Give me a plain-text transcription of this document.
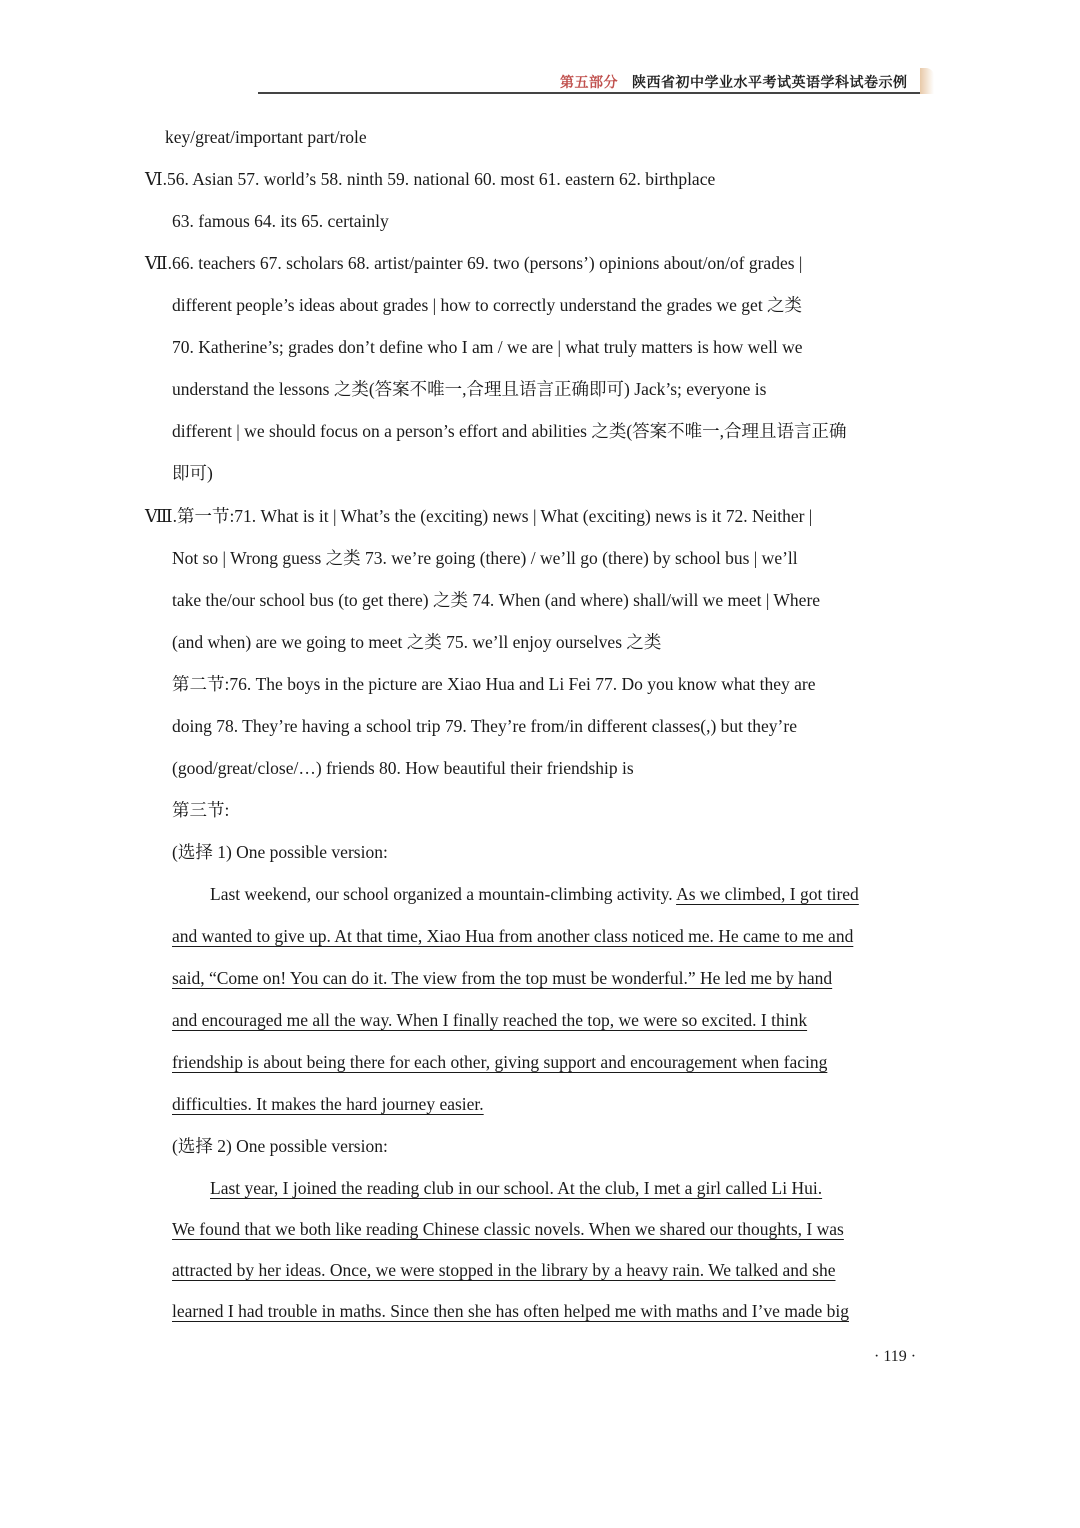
第五部分 陕西省初中学业水平考试英语学科试卷示例
key/great/important part/role
Ⅵ.56. Asian 57. world’s 58. ninth 59. national 60. most 61. eastern 62. birthplace
63. famous 64. its 65. certainly
Ⅶ.66. teachers 67. scholars 68. artist/painter 69. two (persons’) opinions about/on/of grades |
different people’s ideas about grades | how to correctly understand the grades we get 之类
70. Katherine’s; grades don’t define who I am / we are | what truly matters is how well we
understand the lessons 之类(答案不唯一,合理且语言正确即可) Jack’s; everyone is
different | we should focus on a person’s effort and abilities 之类(答案不唯一,合理且语言正确
即可)
Ⅷ.第一节:71. What is it | What’s the (exciting) news | What (exciting) news is it 72. Neither |
Not so | Wrong guess 之类 73. we’re going (there) / we’ll go (there) by school bus | we’ll
take the/our school bus (to get there) 之类 74. When (and where) shall/will we meet | Where
(and when) are we going to meet 之类 75. we’ll enjoy ourselves 之类
第二节:76. The boys in the picture are Xiao Hua and Li Fei 77. Do you know what they are
doing 78. They’re having a school trip 79. They’re from/in different classes(,) but they’re
(good/great/close/…) friends 80. How beautiful their friendship is
第三节:
(选择 1) One possible version:
Last weekend, our school organized a mountain-climbing activity. As we climbed, I got tired
and wanted to give up. At that time, Xiao Hua from another class noticed me. He came to me and
said, “Come on! You can do it. The view from the top must be wonderful.” He led me by hand
and encouraged me all the way. When I finally reached the top, we were so excited. I think
friendship is about being there for each other, giving support and encouragement when facing
difficulties. It makes the hard journey easier.
(选择 2) One possible version:
Last year, I joined the reading club in our school. At the club, I met a girl called Li Hui.
We found that we both like reading Chinese classic novels. When we shared our thoughts, I was
attracted by her ideas. Once, we were stopped in the library by a heavy rain. We talked and she
learned I had trouble in maths. Since then she has often helped me with maths and I’ve made big
· 119 ·
